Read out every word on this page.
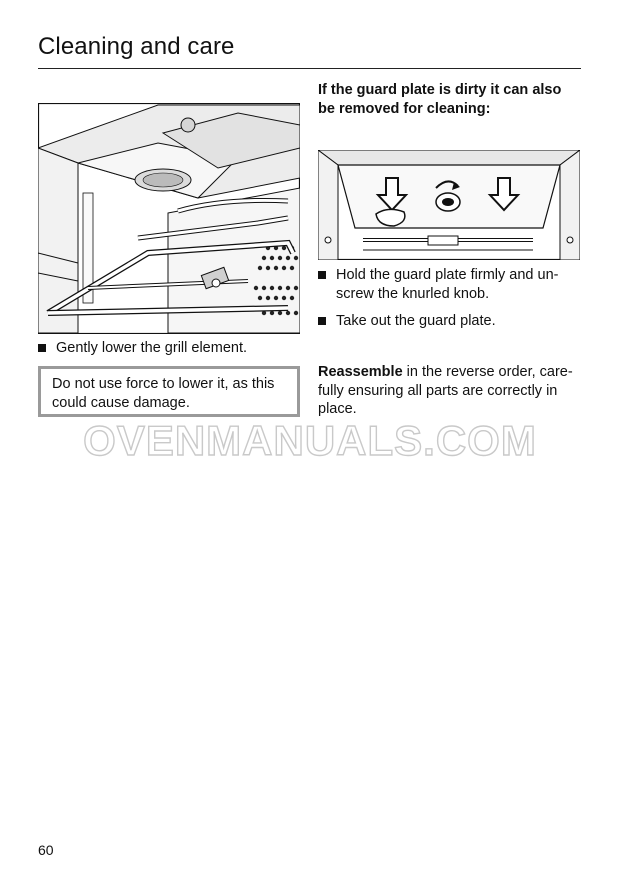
Cleaning and care
Gently lower the grill element.
Do not use force to lower it, as this could cause damage.
If the guard plate is dirty it can also be removed for cleaning:
Hold the guard plate firmly and un-screw the knurled knob.
Take out the guard plate.
Reassemble in the reverse order, care-fully ensuring all parts are correctly in place.
OVENMANUALS.COM
60
